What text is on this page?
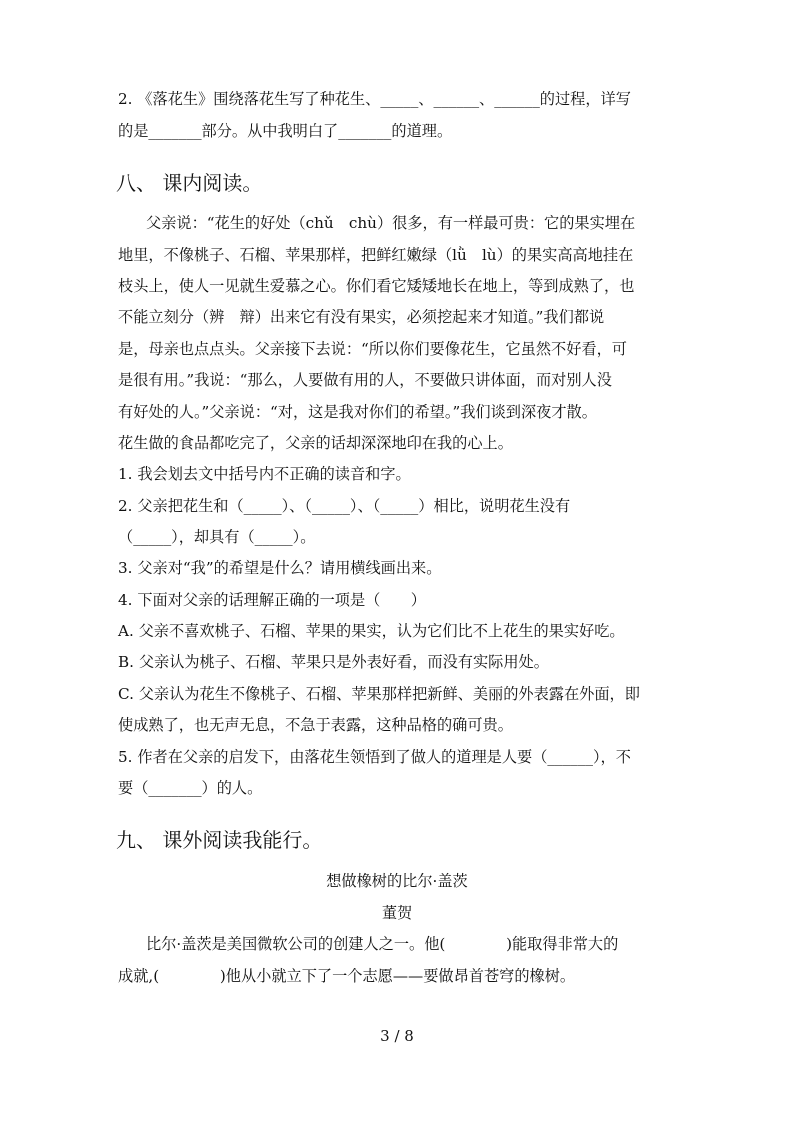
2. 《落花生》围绕落花生写了种花生、_____、______、______的过程，详写
的是_______部分。从中我明白了_______的道理。
八、 课内阅读。
父亲说：“花生的好处（chǔ　chù）很多，有一样最可贵：它的果实埋在
地里，不像桃子、石榴、苹果那样，把鲜红嫩绿（lǜ　lù）的果实高高地挂在
枝头上，使人一见就生爱慕之心。你们看它矮矮地长在地上，等到成熟了，也
不能立刻分（辨　辩）出来它有没有果实，必须挖起来才知道。”我们都说
是，母亲也点点头。父亲接下去说：“所以你们要像花生，它虽然不好看，可
是很有用。”我说：“那么，人要做有用的人，不要做只讲体面，而对别人没
有好处的人。”父亲说：“对，这是我对你们的希望。”我们谈到深夜才散。
花生做的食品都吃完了，父亲的话却深深地印在我的心上。
1. 我会划去文中括号内不正确的读音和字。
2. 父亲把花生和（_____）、（_____）、（_____）相比，说明花生没有
（_____），却具有（_____）。
3. 父亲对“我”的希望是什么？请用横线画出来。
4. 下面对父亲的话理解正确的一项是（　　）
A. 父亲不喜欢桃子、石榴、苹果的果实，认为它们比不上花生的果实好吃。
B. 父亲认为桃子、石榴、苹果只是外表好看，而没有实际用处。
C. 父亲认为花生不像桃子、石榴、苹果那样把新鲜、美丽的外表露在外面，即
使成熟了，也无声无息，不急于表露，这种品格的确可贵。
5. 作者在父亲的启发下，由落花生领悟到了做人的道理是人要（______），不
要（_______）的人。
九、 课外阅读我能行。
想做橡树的比尔·盖茨
董贺
比尔·盖茨是美国微软公司的创建人之一。他(　　　　)能取得非常大的
成就,(　　　　)他从小就立下了一个志愿——要做昂首苍穹的橡树。
3 / 8
